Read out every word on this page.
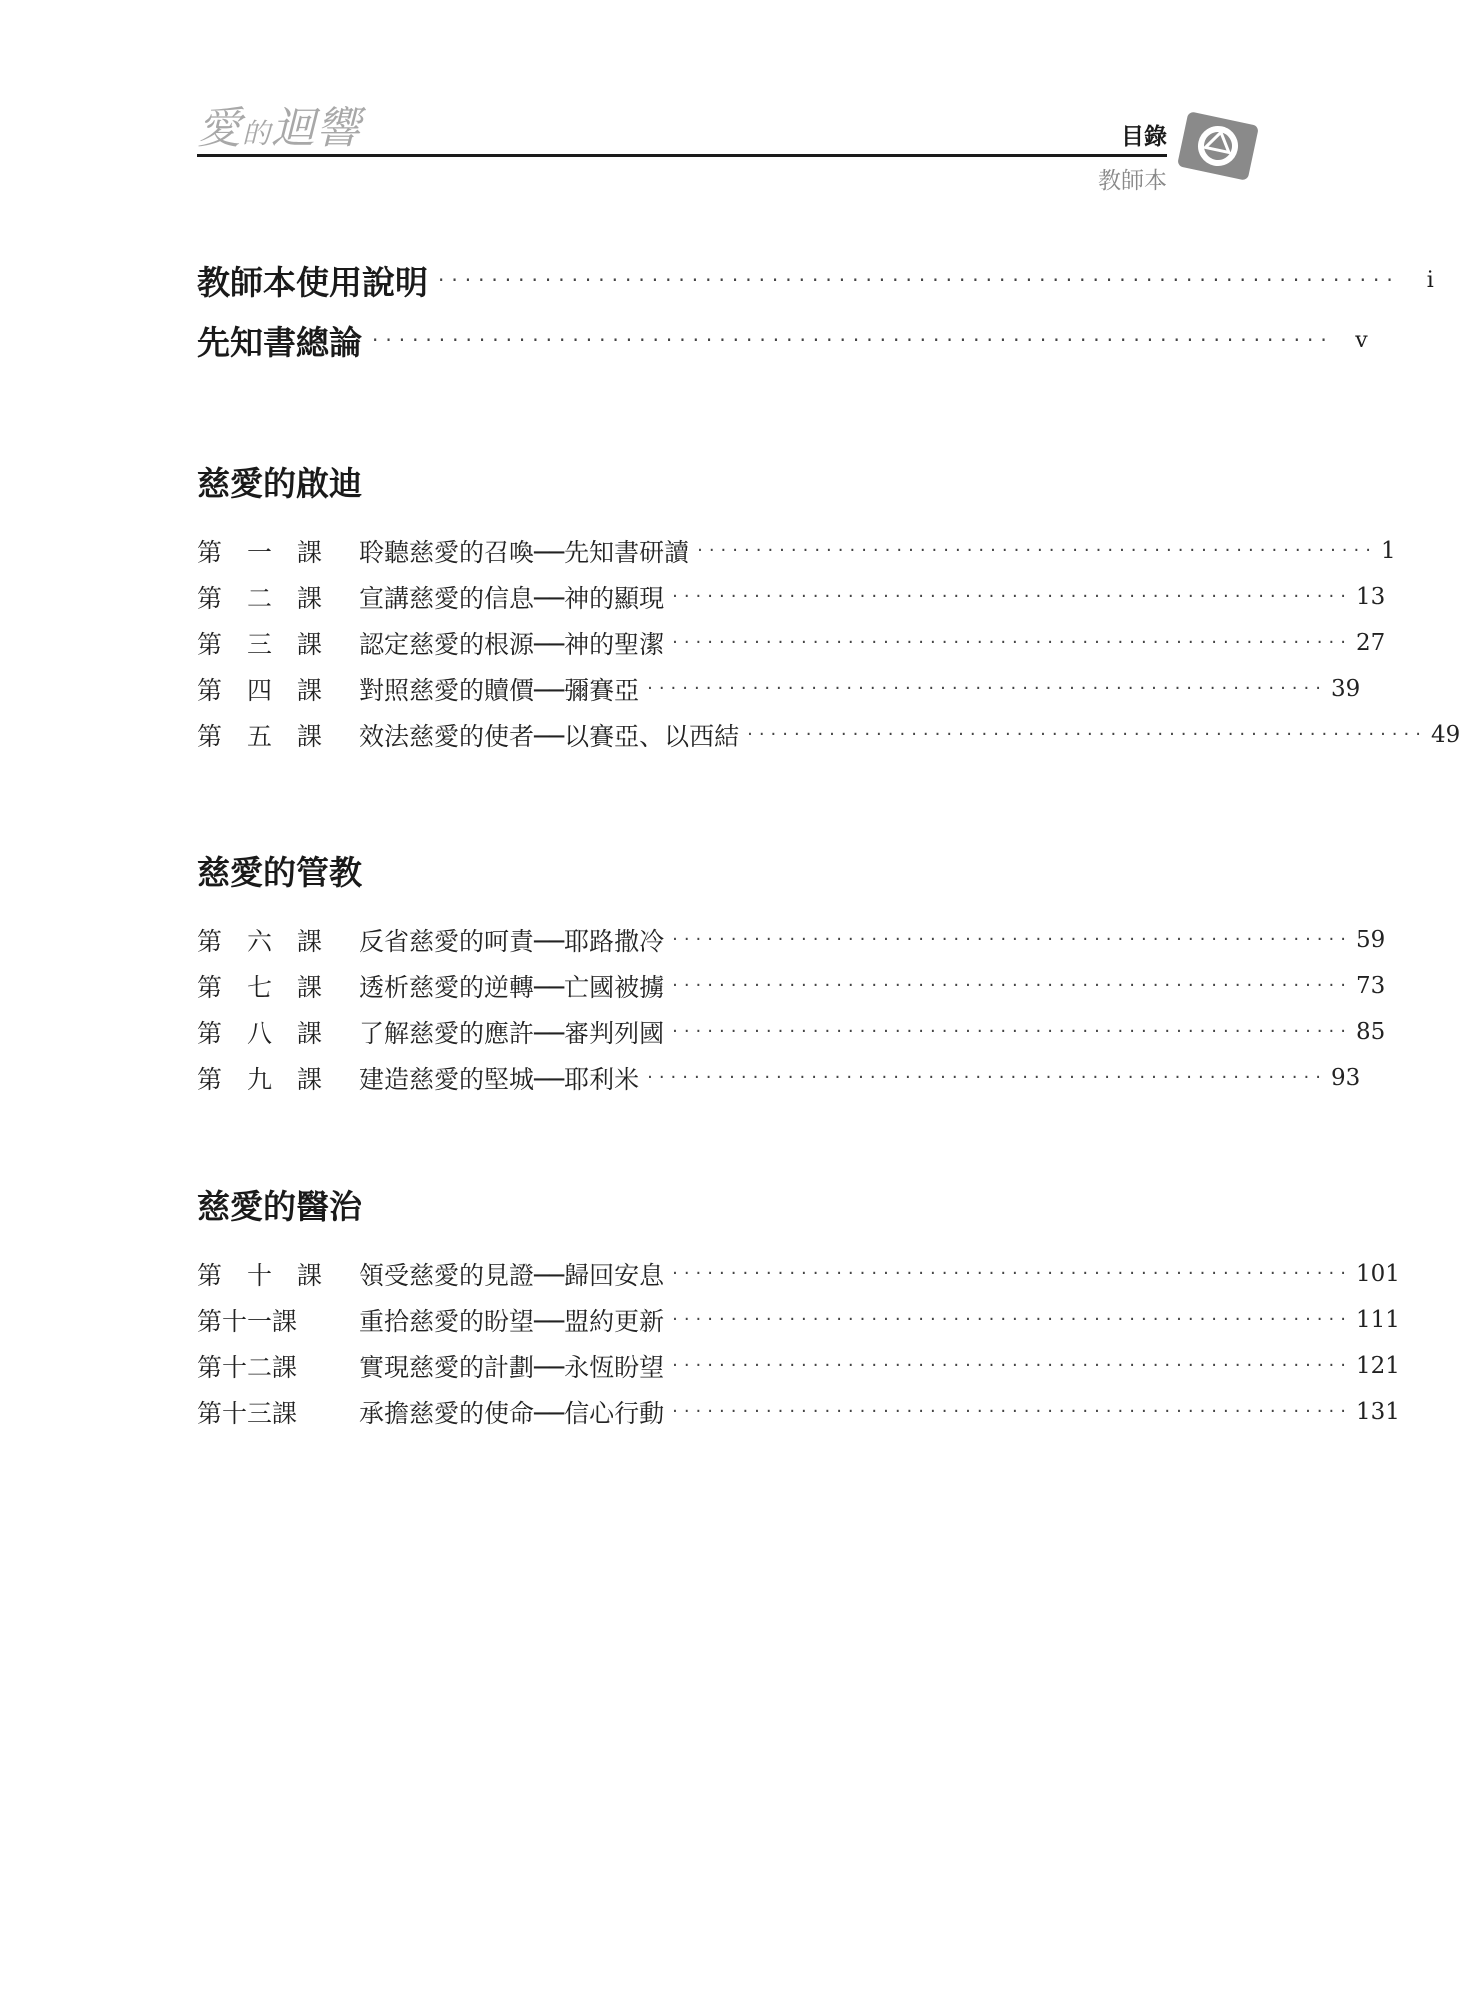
愛的迴響	目錄
教師本
教師本使用說明 ········································································	i
先知書總論 ········································································ v
慈愛的啟迪
第　一　課	聆聽慈愛的召喚──先知書研讀 ·························································· 1
第　二　課	宣講慈愛的信息──神的顯現 ·························································· 13
第　三　課	認定慈愛的根源──神的聖潔 ·························································· 27
第　四　課	對照慈愛的贖價──彌賽亞 ·························································· 39
第　五　課	效法慈愛的使者──以賽亞、以西結 ·························································· 49
慈愛的管教
第　六　課	反省慈愛的呵責──耶路撒冷 ·························································· 59
第　七　課	透析慈愛的逆轉──亡國被擄 ·························································· 73
第　八　課	了解慈愛的應許──審判列國 ·························································· 85
第　九　課	建造慈愛的堅城──耶利米 ·························································· 93
慈愛的醫治
第　十　課	領受慈愛的見證──歸回安息 ·························································· 101
第十一課	重拾慈愛的盼望──盟約更新 ·························································· 111
第十二課	實現慈愛的計劃──永恆盼望 ·························································· 121
第十三課	承擔慈愛的使命──信心行動 ·························································· 131
